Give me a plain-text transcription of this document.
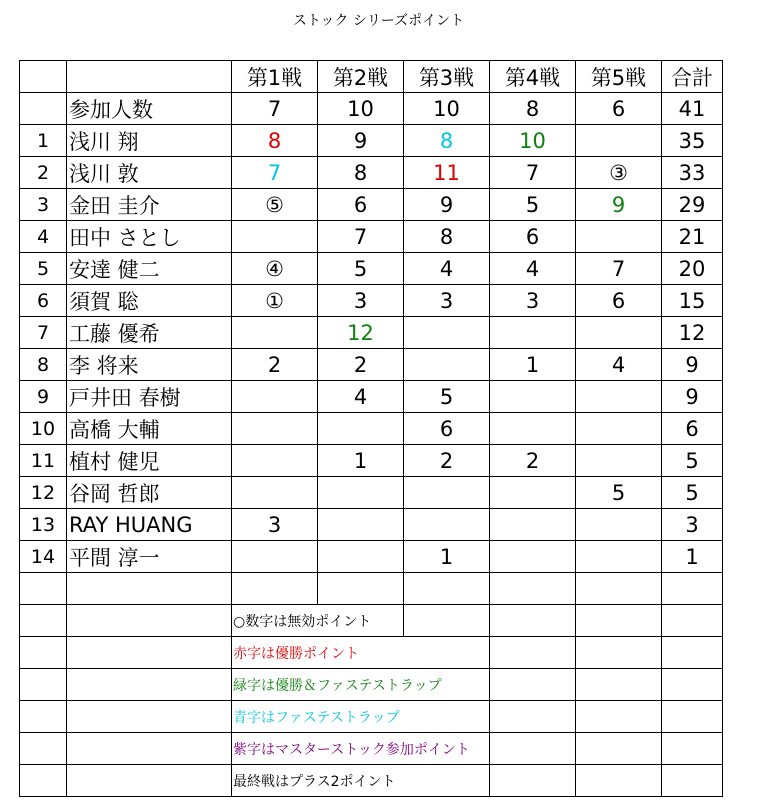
ストック シリーズポイント
		第1戦	第2戦	第3戦	第4戦	第5戦	合計
	参加人数	7	10	10	8	6	41
1	浅川 翔	8	9	8	10		35
2	浅川 敦	7	8	11	7	③	33
3	金田 圭介	⑤	6	9	5	9	29
4	田中 さとし		7	8	6		21
5	安達 健二	④	5	4	4	7	20
6	須賀 聡	①	3	3	3	6	15
7	工藤 優希		12				12
8	李 将来	2	2		1	4	9
9	戸井田 春樹		4	5			9
10	高橋 大輔			6			6
11	植村 健児		1	2	2		5
12	谷岡 哲郎					5	5
13	RAY HUANG	3					3
14	平間 淳一			1			1

		○数字は無効ポイント					
		赤字は優勝ポイント					
		緑字は優勝＆ファステストラップ					
		青字はファステストラップ					
		紫字はマスターストック参加ポイント					
		最終戦はプラス2ポイント					
